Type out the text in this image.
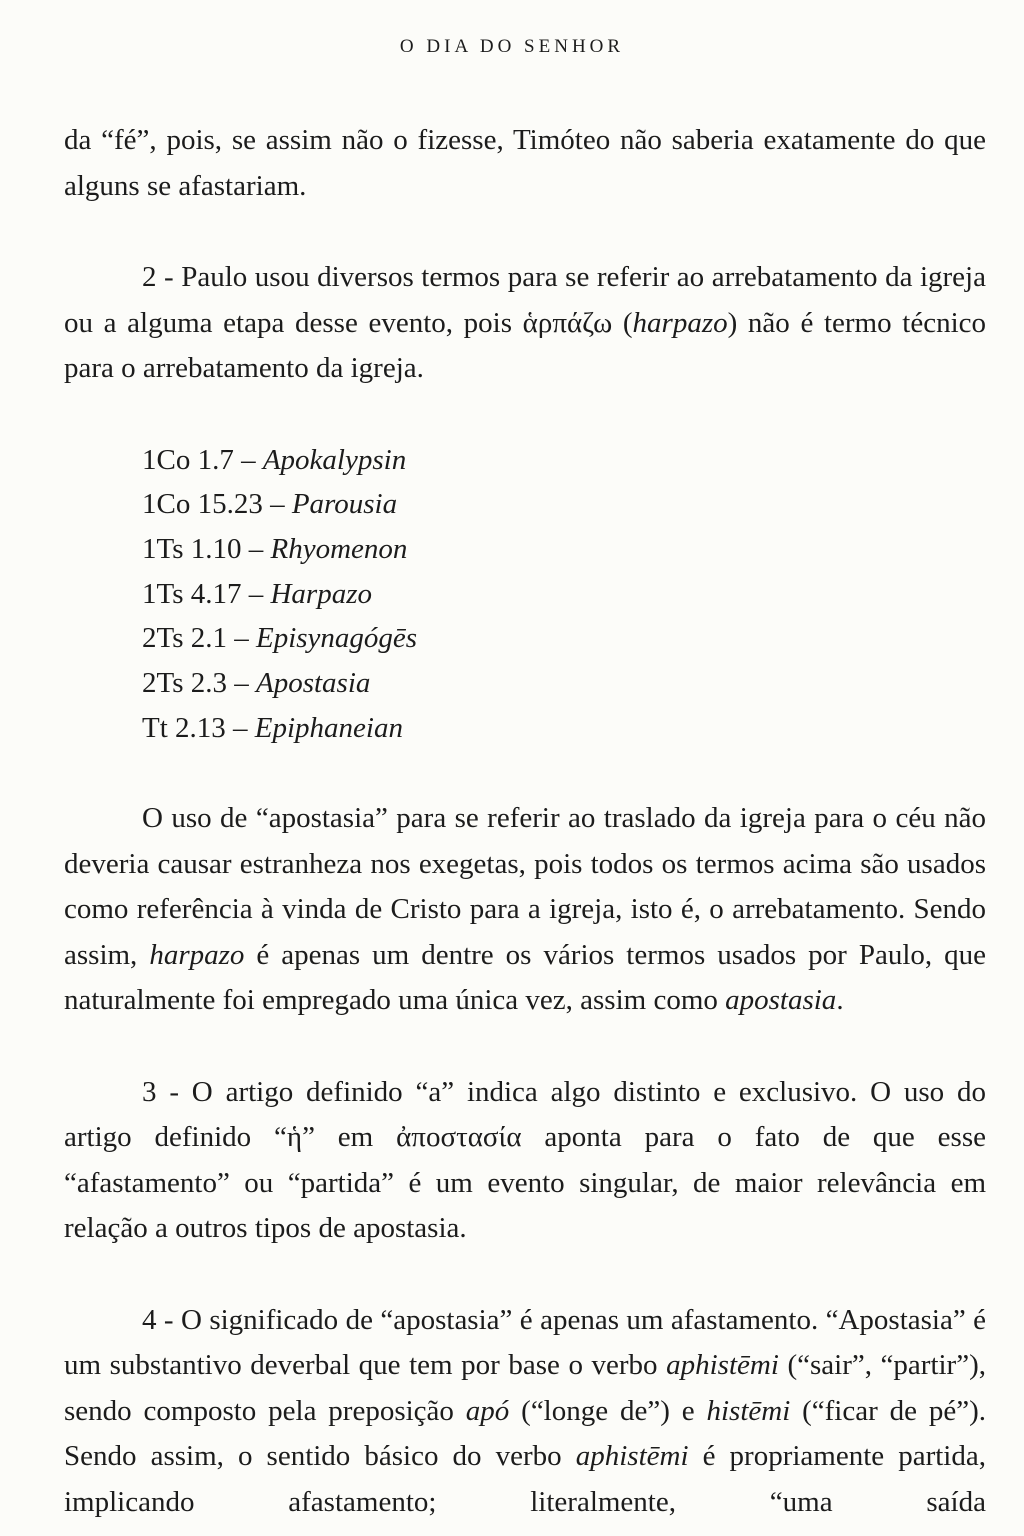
O DIA DO SENHOR

da “fé”, pois, se assim não o fizesse, Timóteo não saberia exatamente do que alguns se afastariam.

2 - Paulo usou diversos termos para se referir ao arrebatamento da igreja ou a alguma etapa desse evento, pois ἁρπάζω (harpazo) não é termo técnico para o arrebatamento da igreja.

1Co 1.7 – Apokalypsin
1Co 15.23 – Parousia
1Ts 1.10 – Rhyomenon
1Ts 4.17 – Harpazo
2Ts 2.1 – Episynagógēs
2Ts 2.3 – Apostasia
Tt 2.13 – Epiphaneian

O uso de “apostasia” para se referir ao traslado da igreja para o céu não deveria causar estranheza nos exegetas, pois todos os termos acima são usados como referência à vinda de Cristo para a igreja, isto é, o arrebatamento. Sendo assim, harpazo é apenas um dentre os vários termos usados por Paulo, que naturalmente foi empregado uma única vez, assim como apostasia.

3 - O artigo definido “a” indica algo distinto e exclusivo. O uso do artigo definido “ἡ” em ἀποστασία aponta para o fato de que esse “afastamento” ou “partida” é um evento singular, de maior relevância em relação a outros tipos de apostasia.

4 - O significado de “apostasia” é apenas um afastamento. “Apostasia” é um substantivo deverbal que tem por base o verbo aphistēmi (“sair”, “partir”), sendo composto pela preposição apó (“longe de”) e histēmi (“ficar de pé”). Sendo assim, o sentido básico do verbo aphistēmi é propriamente partida, implicando afastamento; literalmente, “uma saída
